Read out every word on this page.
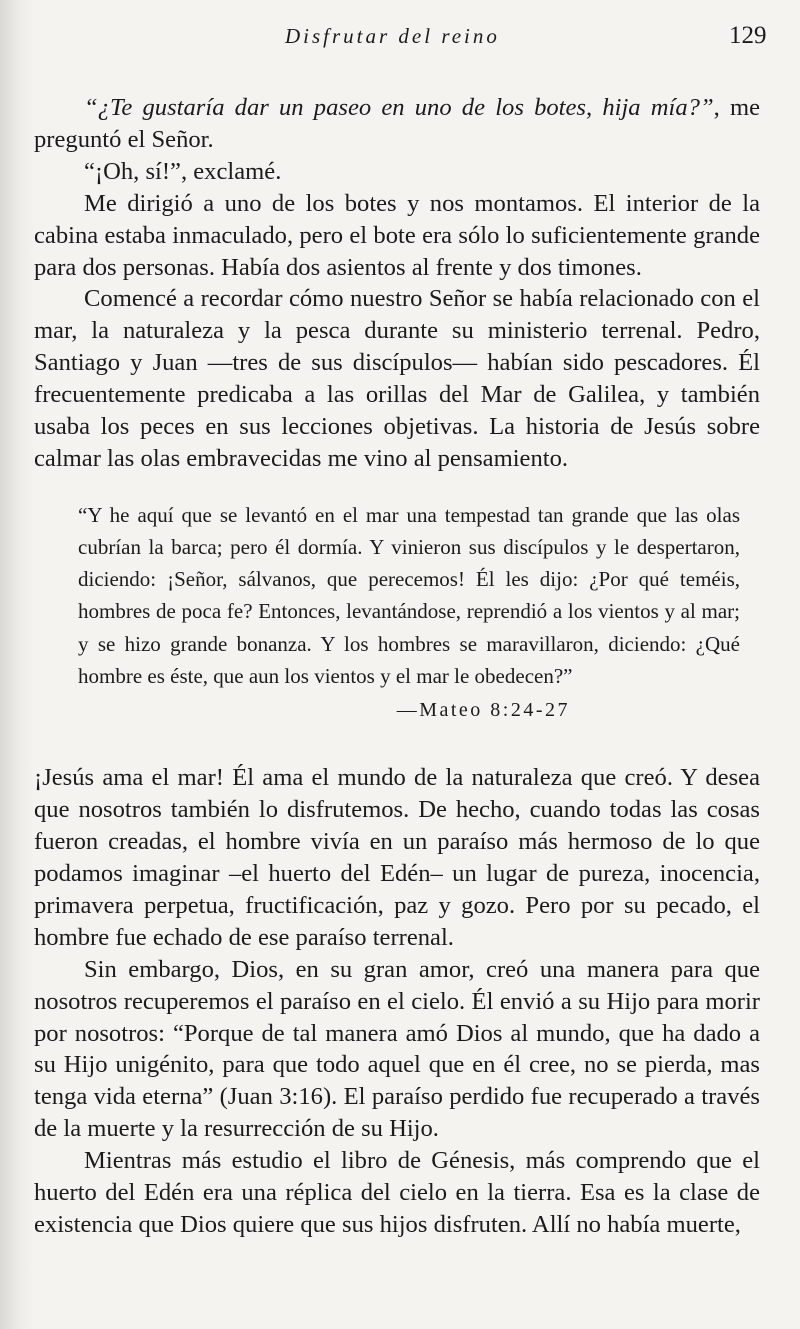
Disfrutar del reino	129

“¿Te gustaría dar un paseo en uno de los botes, hija mía?”, me preguntó el Señor.

“¡Oh, sí!”, exclamé.

Me dirigió a uno de los botes y nos montamos. El interior de la cabina estaba inmaculado, pero el bote era sólo lo suficientemente grande para dos personas. Había dos asientos al frente y dos timones.

Comencé a recordar cómo nuestro Señor se había relacionado con el mar, la naturaleza y la pesca durante su ministerio terrenal. Pedro, Santiago y Juan —tres de sus discípulos— habían sido pescadores. Él frecuentemente predicaba a las orillas del Mar de Galilea, y también usaba los peces en sus lecciones objetivas. La historia de Jesús sobre calmar las olas embravecidas me vino al pensamiento.

“Y he aquí que se levantó en el mar una tempestad tan grande que las olas cubrían la barca; pero él dormía. Y vinieron sus discípulos y le despertaron, diciendo: ¡Señor, sálvanos, que perecemos! Él les dijo: ¿Por qué teméis, hombres de poca fe? Entonces, levantándose, reprendió a los vientos y al mar; y se hizo grande bonanza. Y los hombres se maravillaron, diciendo: ¿Qué hombre es éste, que aun los vientos y el mar le obedecen?”

—Mateo 8:24-27

¡Jesús ama el mar! Él ama el mundo de la naturaleza que creó. Y desea que nosotros también lo disfrutemos. De hecho, cuando todas las cosas fueron creadas, el hombre vivía en un paraíso más hermoso de lo que podamos imaginar –el huerto del Edén– un lugar de pureza, inocencia, primavera perpetua, fructificación, paz y gozo. Pero por su pecado, el hombre fue echado de ese paraíso terrenal.

Sin embargo, Dios, en su gran amor, creó una manera para que nosotros recuperemos el paraíso en el cielo. Él envió a su Hijo para morir por nosotros: “Porque de tal manera amó Dios al mundo, que ha dado a su Hijo unigénito, para que todo aquel que en él cree, no se pierda, mas tenga vida eterna” (Juan 3:16). El paraíso perdido fue recuperado a través de la muerte y la resurrección de su Hijo.

Mientras más estudio el libro de Génesis, más comprendo que el huerto del Edén era una réplica del cielo en la tierra. Esa es la clase de existencia que Dios quiere que sus hijos disfruten. Allí no había muerte,
